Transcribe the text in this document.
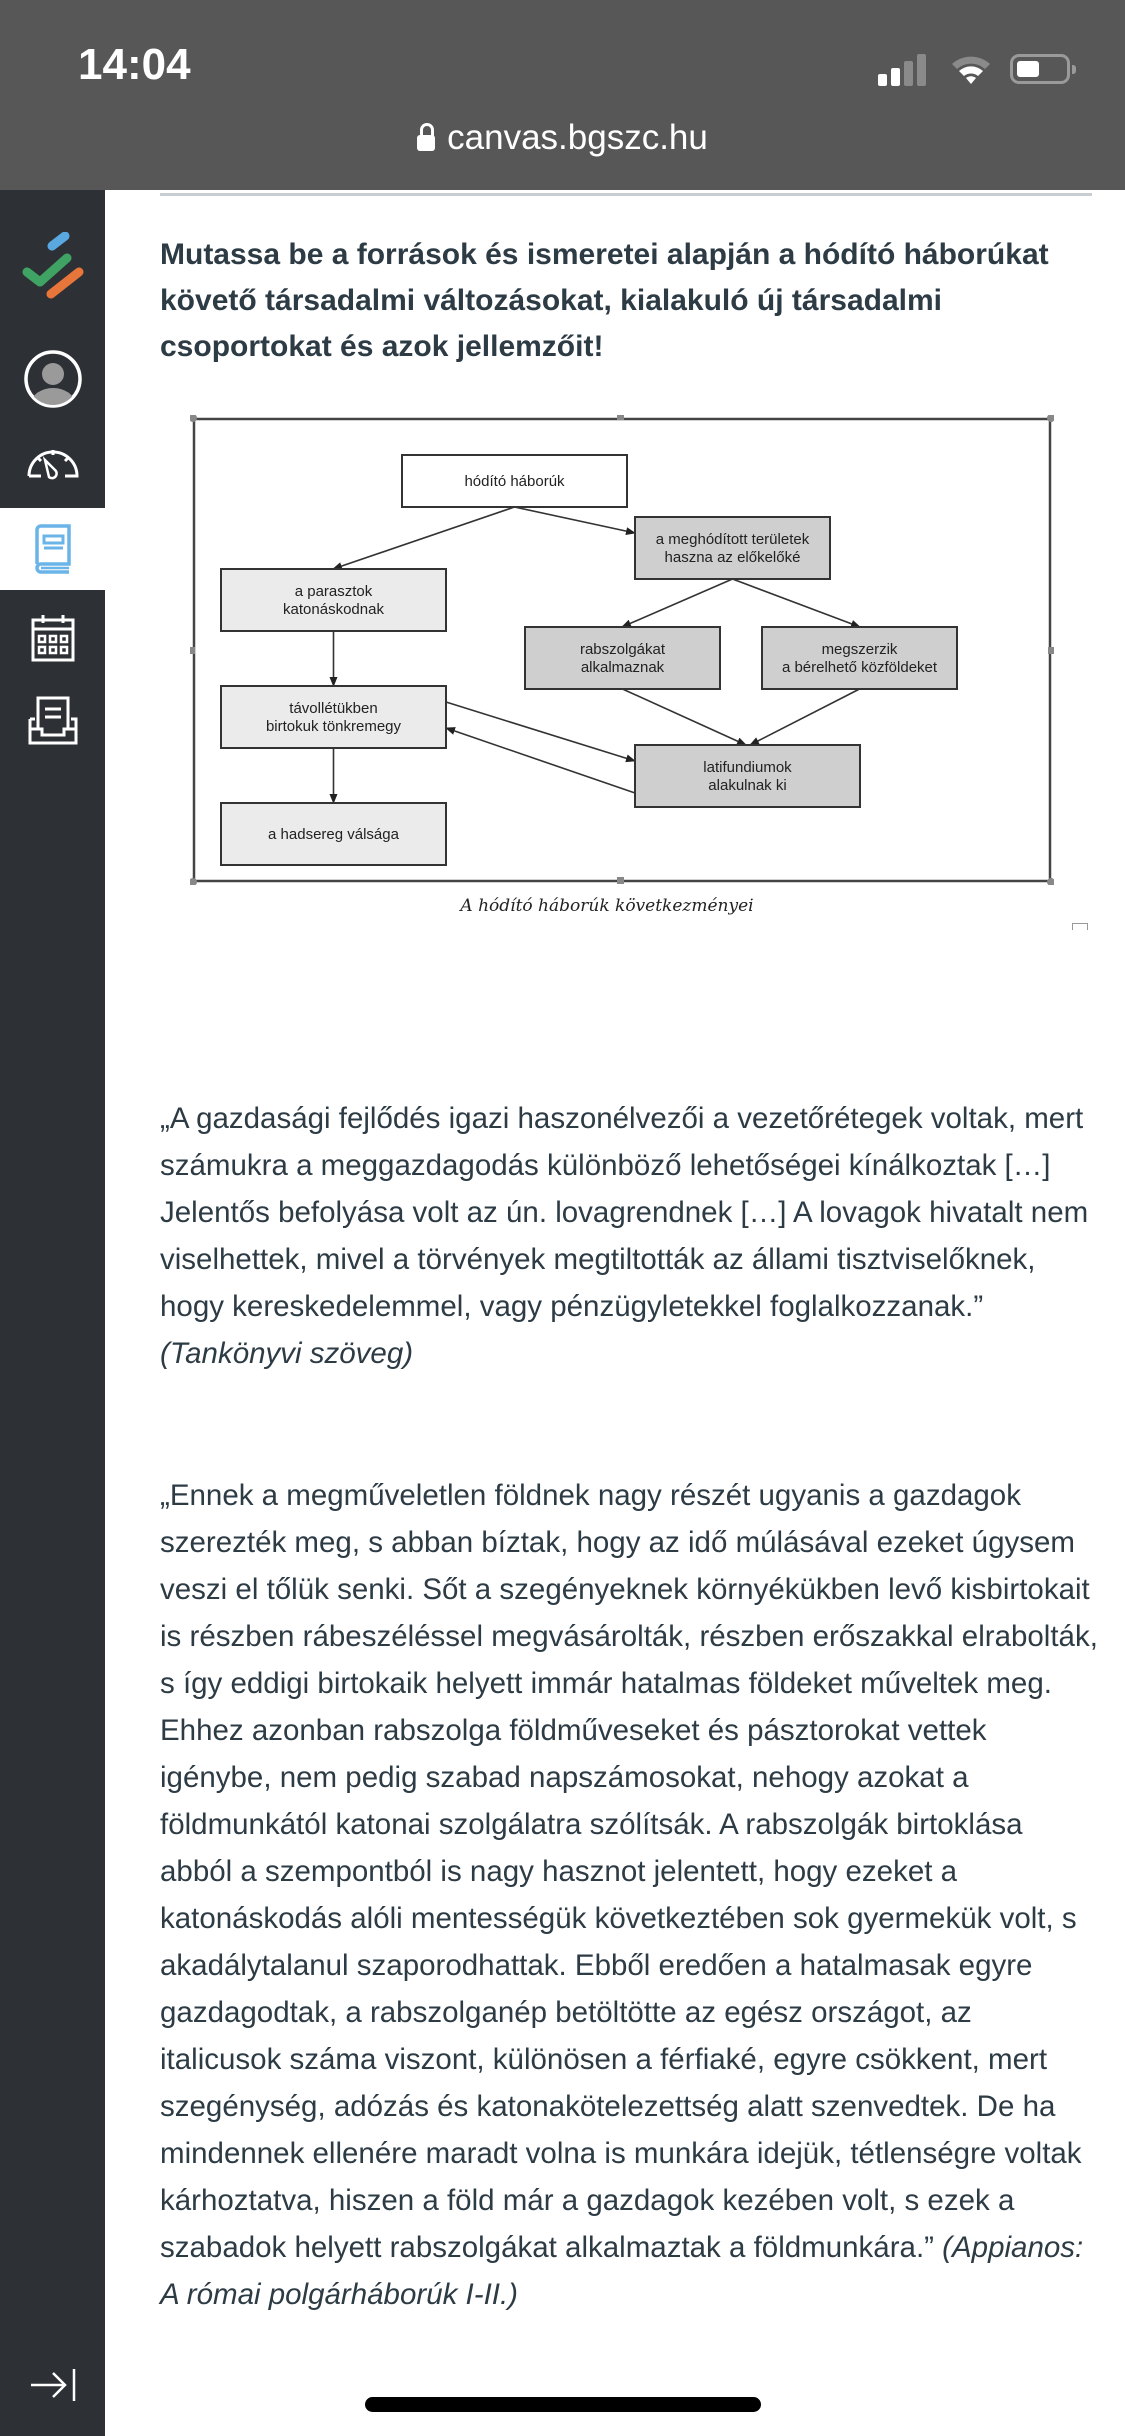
14:04
canvas.bgszc.hu
Mutassa be a források és ismeretei alapján a hódító háborúkat követő társadalmi változásokat, kialakuló új társadalmi csoportokat és azok jellemzőit!
hódító háborúk
a parasztok
katonáskodnak
a meghódított területek
haszna az előkelőké
rabszolgákat
alkalmaznak
megszerzik
a bérelhető közföldeket
távollétükben
birtokuk tönkremegy
latifundiumok
alakulnak ki
a hadsereg válsága
A hódító háborúk következményei
„A gazdasági fejlődés igazi haszonélvezői a vezetőrétegek voltak, mert számukra a meggazdagodás különböző lehetőségei kínálkoztak […] Jelentős befolyása volt az ún. lovagrendnek […] A lovagok hivatalt nem viselhettek, mivel a törvények megtiltották az állami tisztviselőknek, hogy kereskedelemmel, vagy pénzügyletekkel foglalkozzanak.” (Tankönyvi szöveg)
„Ennek a megműveletlen földnek nagy részét ugyanis a gazdagok szerezték meg, s abban bíztak, hogy az idő múlásával ezeket úgysem veszi el tőlük senki. Sőt a szegényeknek környékükben levő kisbirtokait is részben rábeszéléssel megvásárolták, részben erőszakkal elrabolták, s így eddigi birtokaik helyett immár hatalmas földeket műveltek meg. Ehhez azonban rabszolga földműveseket és pásztorokat vettek igénybe, nem pedig szabad napszámosokat, nehogy azokat a földmunkától katonai szolgálatra szólítsák. A rabszolgák birtoklása abból a szempontból is nagy hasznot jelentett, hogy ezeket a katonáskodás alóli mentességük következtében sok gyermekük volt, s akadálytalanul szaporodhattak. Ebből eredően a hatalmasak egyre gazdagodtak, a rabszolganép betöltötte az egész országot, az italicusok száma viszont, különösen a férfiaké, egyre csökkent, mert szegénység, adózás és katonakötelezettség alatt szenvedtek. De ha mindennek ellenére maradt volna is munkára idejük, tétlenségre voltak kárhoztatva, hiszen a föld már a gazdagok kezében volt, s ezek a szabadok helyett rabszolgákat alkalmaztak a földmunkára.” (Appianos: A római polgárháborúk I-II.)
